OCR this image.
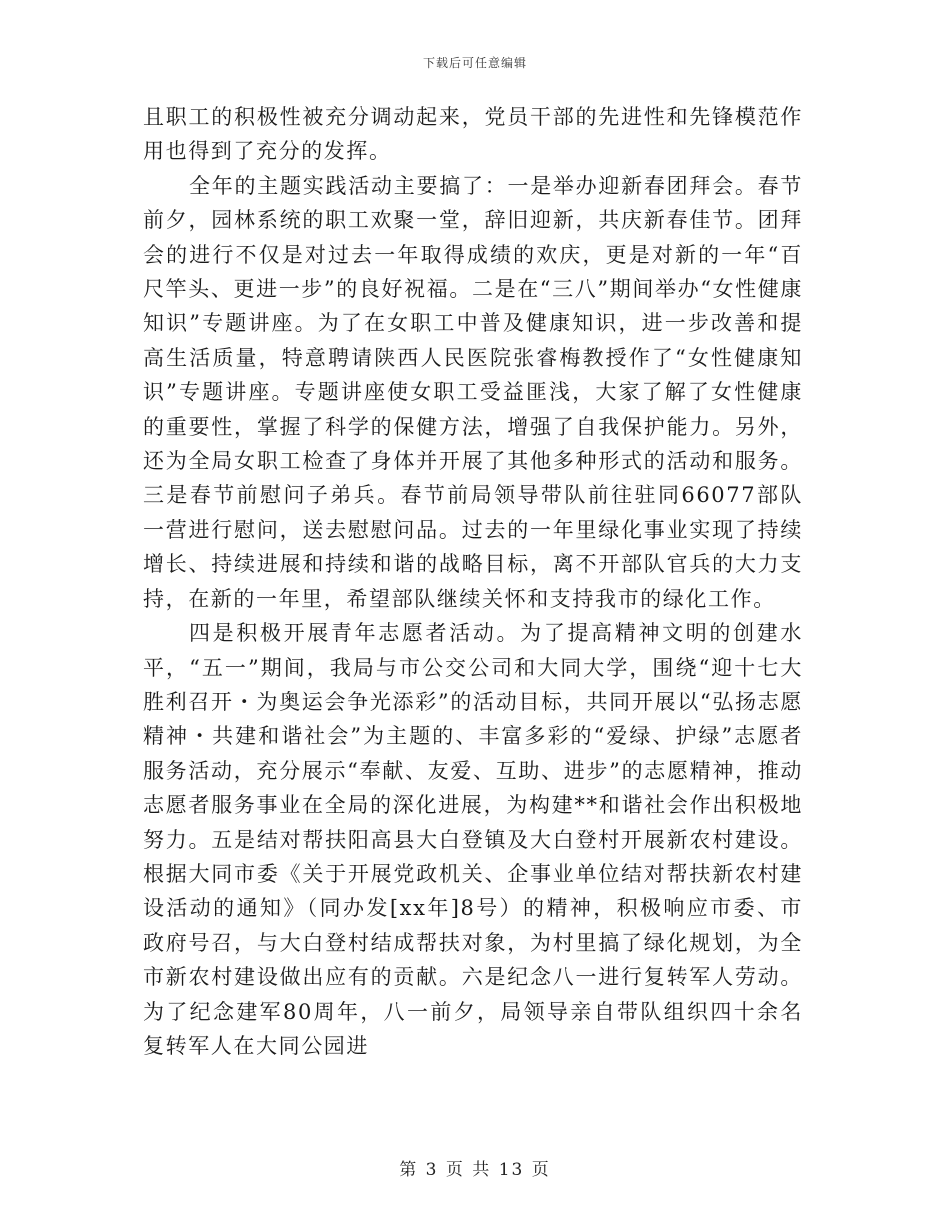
下载后可任意编辑

且职工的积极性被充分调动起来，党员干部的先进性和先锋模范作用也得到了充分的发挥。

全年的主题实践活动主要搞了：一是举办迎新春团拜会。春节前夕，园林系统的职工欢聚一堂，辞旧迎新，共庆新春佳节。团拜会的进行不仅是对过去一年取得成绩的欢庆，更是对新的一年“百尺竿头、更进一步”的良好祝福。二是在“三八”期间举办“女性健康知识”专题讲座。为了在女职工中普及健康知识，进一步改善和提高生活质量，特意聘请陕西人民医院张睿梅教授作了“女性健康知识”专题讲座。专题讲座使女职工受益匪浅，大家了解了女性健康的重要性，掌握了科学的保健方法，增强了自我保护能力。另外，还为全局女职工检查了身体并开展了其他多种形式的活动和服务。三是春节前慰问子弟兵。春节前局领导带队前往驻同66077部队一营进行慰问，送去慰慰问品。过去的一年里绿化事业实现了持续增长、持续进展和持续和谐的战略目标，离不开部队官兵的大力支持，在新的一年里，希望部队继续关怀和支持我市的绿化工作。

四是积极开展青年志愿者活动。为了提高精神文明的创建水平，“五一”期间，我局与市公交公司和大同大学，围绕“迎十七大胜利召开・为奥运会争光添彩”的活动目标，共同开展以“弘扬志愿精神・共建和谐社会”为主题的、丰富多彩的“爱绿、护绿”志愿者服务活动，充分展示“奉献、友爱、互助、进步”的志愿精神，推动志愿者服务事业在全局的深化进展，为构建**和谐社会作出积极地努力。五是结对帮扶阳高县大白登镇及大白登村开展新农村建设。根据大同市委《关于开展党政机关、企事业单位结对帮扶新农村建设活动的通知》（同办发[xx年]8号）的精神，积极响应市委、市政府号召，与大白登村结成帮扶对象，为村里搞了绿化规划，为全市新农村建设做出应有的贡献。六是纪念八一进行复转军人劳动。为了纪念建军80周年，八一前夕，局领导亲自带队组织四十余名复转军人在大同公园进

第 3 页 共 13 页
